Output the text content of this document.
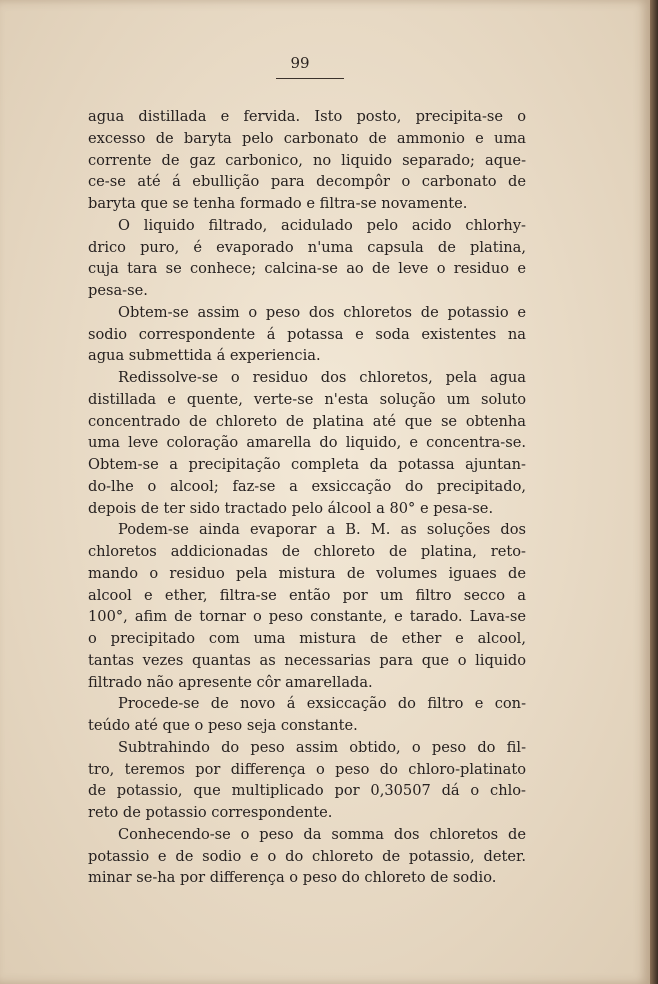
99
agua distillada e fervida. Isto posto, precipita-se o
excesso de baryta pelo carbonato de ammonio e uma
corrente de gaz carbonico, no liquido separado; aque-
ce-se até á ebullição para decompôr o carbonato de
baryta que se tenha formado e filtra-se novamente.
O liquido filtrado, acidulado pelo acido chlorhy-
drico puro, é evaporado n'uma capsula de platina,
cuja tara se conhece; calcina-se ao de leve o residuo e
pesa-se.
Obtem-se assim o peso dos chloretos de potassio e
sodio correspondente á potassa e soda existentes na
agua submettida á experiencia.
Redissolve-se o residuo dos chloretos, pela agua
distillada e quente, verte-se n'esta solução um soluto
concentrado de chloreto de platina até que se obtenha
uma leve coloração amarella do liquido, e concentra-se.
Obtem-se a precipitação completa da potassa ajuntan-
do-lhe o alcool; faz-se a exsiccação do precipitado,
depois de ter sido tractado pelo álcool a 80° e pesa-se.
Podem-se ainda evaporar a B. M. as soluções dos
chloretos addicionadas de chloreto de platina, reto-
mando o residuo pela mistura de volumes iguaes de
alcool e ether, filtra-se então por um filtro secco a
100°, afim de tornar o peso constante, e tarado. Lava-se
o precipitado com uma mistura de ether e alcool,
tantas vezes quantas as necessarias para que o liquido
filtrado não apresente côr amarellada.
Procede-se de novo á exsiccação do filtro e con-
teúdo até que o peso seja constante.
Subtrahindo do peso assim obtido, o peso do fil-
tro, teremos por differença o peso do chloro-platinato
de potassio, que multiplicado por 0,30507 dá o chlo-
reto de potassio correspondente.
Conhecendo-se o peso da somma dos chloretos de
potassio e de sodio e o do chloreto de potassio, deter.
minar se-ha por differença o peso do chloreto de sodio.
